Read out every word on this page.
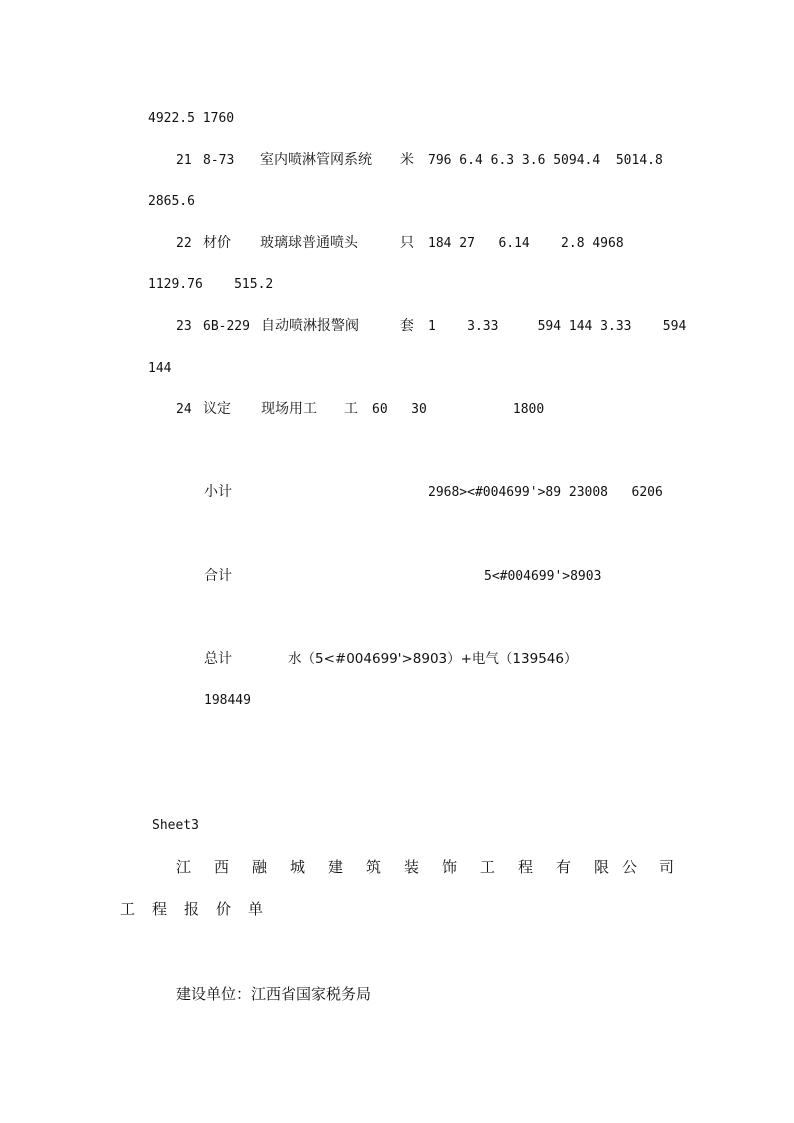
4922.5 1760
21 8-73 室内喷淋管网系统 米 796 6.4 6.3 3.6 5094.4  5014.8
2865.6
22 材价 玻璃球普通喷头	只 184 27   6.14    2.8 4968
1129.76    515.2
23 6B-229 自动喷淋报警阀	套 1    3.33     594 144 3.33    594
144
24 议定 现场用工 工 60   30           1800
小计	2968><#004699'>89 23008   6206
合计	5<#004699'>8903
总计	水（5<#004699'>8903）+电气（139546）
198449
Sheet3
江 西 融 城 建 筑 装 饰 工 程 有 限 公 司
工 程 报 价 单
建设单位：江西省国家税务局
